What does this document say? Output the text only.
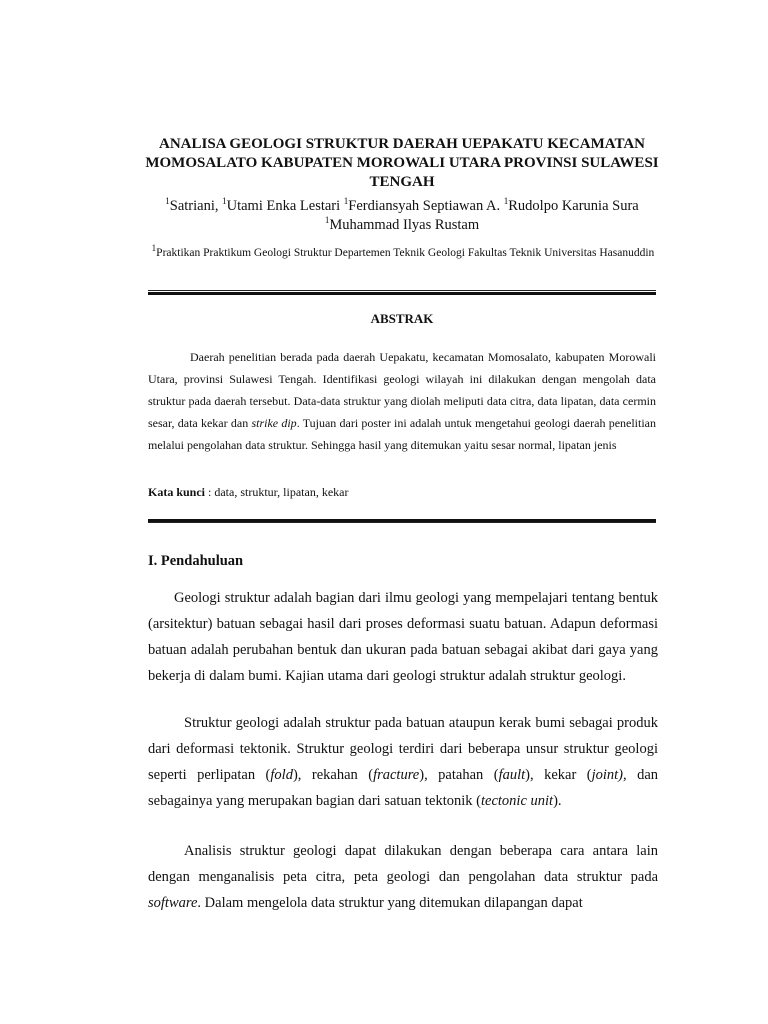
ANALISA GEOLOGI STRUKTUR DAERAH UEPAKATU KECAMATAN MOMOSALATO KABUPATEN MOROWALI UTARA PROVINSI SULAWESI TENGAH
$^1$Satriani, $^1$Utami Enka Lestari $^1$Ferdiansyah Septiawan A. $^1$Rudolpo Karunia Sura
$^1$Muhammad Ilyas Rustam
$^1$Praktikan Praktikum Geologi Struktur Departemen Teknik Geologi Fakultas Teknik Universitas Hasanuddin
ABSTRAK
Daerah penelitian berada pada daerah Uepakatu, kecamatan Momosalato, kabupaten Morowali Utara, provinsi Sulawesi Tengah. Identifikasi geologi wilayah ini dilakukan dengan mengolah data struktur pada daerah tersebut. Data-data struktur yang diolah meliputi data citra, data lipatan, data cermin sesar, data kekar dan strike dip. Tujuan dari poster ini adalah untuk mengetahui geologi daerah penelitian melalui pengolahan data struktur. Sehingga hasil yang ditemukan yaitu sesar normal, lipatan jenis
Kata kunci : data, struktur, lipatan, kekar
I. Pendahuluan
Geologi struktur adalah bagian dari ilmu geologi yang mempelajari tentang bentuk (arsitektur) batuan sebagai hasil dari proses deformasi suatu batuan. Adapun deformasi batuan adalah perubahan bentuk dan ukuran pada batuan sebagai akibat dari gaya yang bekerja di dalam bumi. Kajian utama dari geologi struktur adalah struktur geologi.
Struktur geologi adalah struktur pada batuan ataupun kerak bumi sebagai produk dari deformasi tektonik. Struktur geologi terdiri dari beberapa unsur struktur geologi seperti perlipatan (fold), rekahan (fracture), patahan (fault), kekar (joint), dan sebagainya yang merupakan bagian dari satuan tektonik (tectonic unit).
Analisis struktur geologi dapat dilakukan dengan beberapa cara antara lain dengan menganalisis peta citra, peta geologi dan pengolahan data struktur pada software. Dalam mengelola data struktur yang ditemukan dilapangan dapat
